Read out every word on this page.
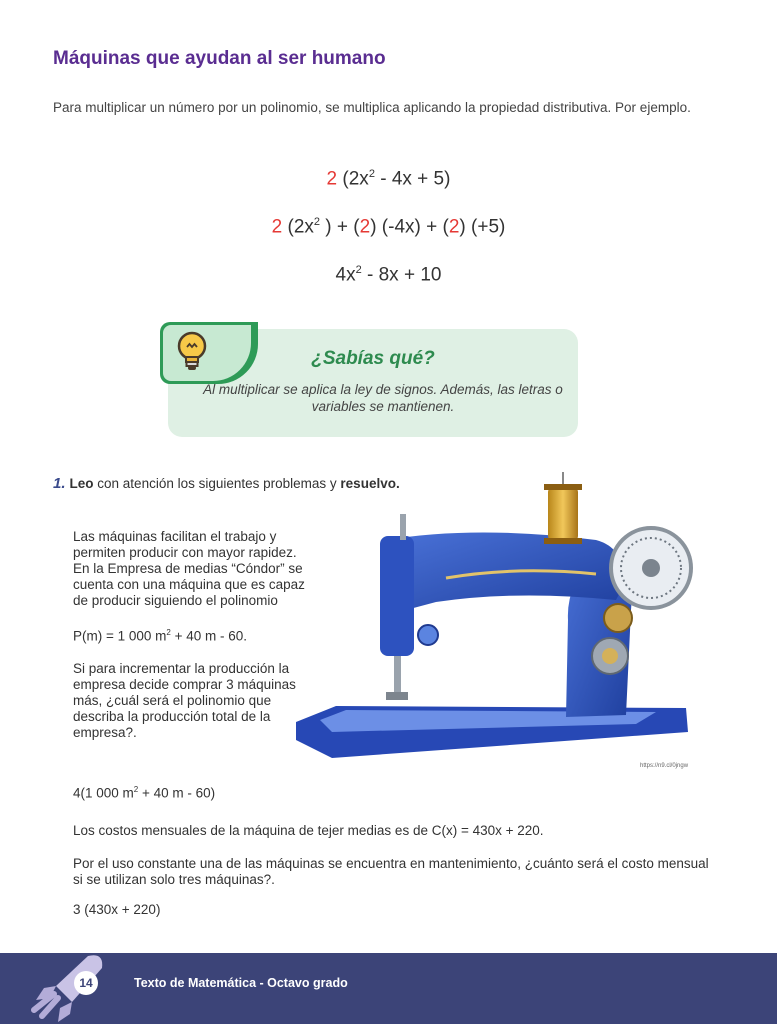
Máquinas que ayudan al ser humano

Para multiplicar un número por un polinomio, se multiplica aplicando la propiedad distributiva. Por ejemplo.

2 $(2x^2 - 4x + 5)$
2 ($2x^2$ ) + (2) (-4x) + (2) (+5)
$4x^2 - 8x + 10$
¿Sabías qué?
Al multiplicar se aplica la ley de signos. Además, las letras o variables se mantienen.
1. Leo con atención los siguientes problemas y resuelvo.

Las máquinas facilitan el trabajo y permiten producir con mayor rapidez. En la Empresa de medias “Cóndor” se cuenta con una máquina que es capaz de producir siguiendo el polinomio

P(m) = 1 000 $m^2 + 40$ m - 60.

Si para incrementar la producción la empresa decide comprar 3 máquinas más, ¿cuál será el polinomio que describa la producción total de la empresa?.

https://n9.cl/0jngw
4(1 000 $m^2 + 40$ m - 60)
Los costos mensuales de la máquina de tejer medias es de C(x) = 430x + 220.
Por el uso constante una de las máquinas se encuentra en mantenimiento, ¿cuánto será el costo mensual si se utilizan solo tres máquinas?.
3 (430x + 220)
14	Texto de Matemática - Octavo grado
